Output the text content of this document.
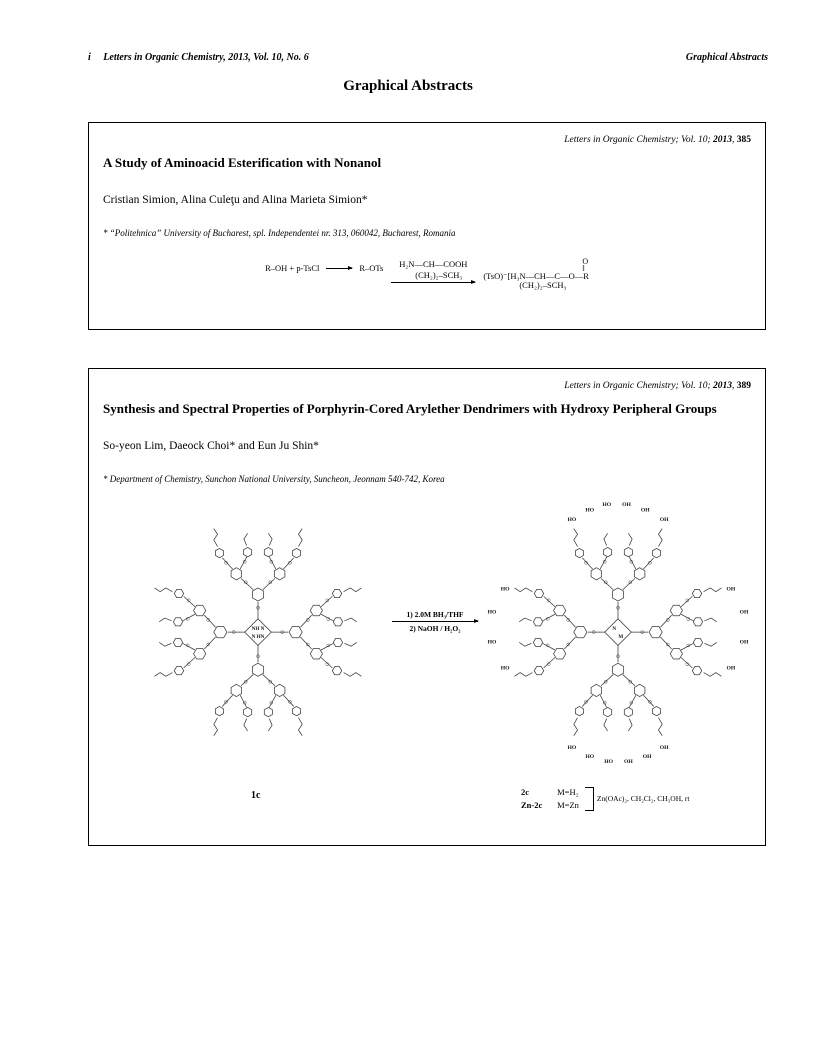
i Letters in Organic Chemistry, 2013, Vol. 10, No. 6	Graphical Abstracts
Graphical Abstracts
Letters in Organic Chemistry; Vol. 10; 2013, 385
A Study of Aminoacid Esterification with Nonanol
Cristian Simion, Alina Culeţu and Alina Marieta Simion*
* “Politehnica” University of Bucharest, spl. Independentei nr. 313, 060042, Bucharest, Romania
R–OH + p-TsCl → R–OTs H₂N—CH—COOH
(CH₂)₂–SCH₃
O
‖
(TsO)⁻[H₃N—CH—C—O—R
(CH₂)₂–SCH₃
Letters in Organic Chemistry; Vol. 10; 2013, 389
Synthesis and Spectral Properties of Porphyrin-Cored Arylether Dendrimers with Hydroxy Peripheral Groups
So-yeon Lim, Daeock Choi* and Eun Ju Shin*
* Department of Chemistry, Sunchon National University, Suncheon, Jeonnam 540-742, Korea
NH N
N HN
1) 2.0M BH₃/THF
2) NaOH / H₂O₂	N
M
HO
HO OH
OH
HO	OH
HO
HO
HO
HO
OH
OH
OH
OH
HO
HO OH
OH
HO	OH
1c	2c	M=H₂
Zn-2c M=Zn
Zn(OAc)₂, CH₂Cl₂, CH₃OH, rt
